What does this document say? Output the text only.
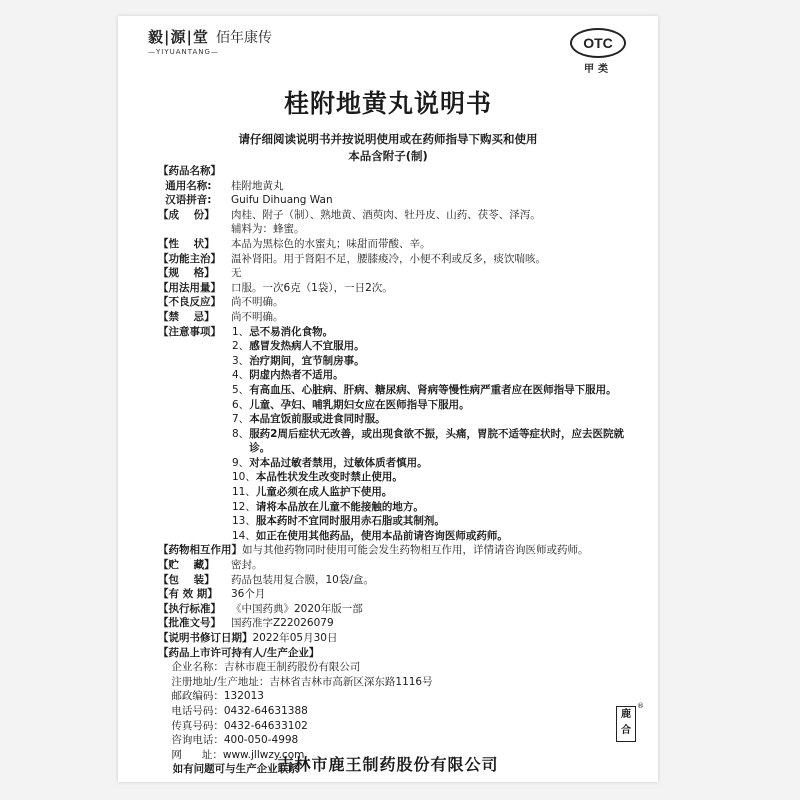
毅|源|堂 佰年康传
—YIYUANTANG—
OTC
甲类
桂附地黄丸说明书
请仔细阅读说明书并按说明使用或在药师指导下购买和使用
本品含附子(制)
【药品名称】
通用名称:	桂附地黄丸
汉语拼音:	Guifu Dihuang Wan
【成    份】	肉桂、附子（制）、熟地黄、酒萸肉、牡丹皮、山药、茯苓、泽泻。
辅料为：蜂蜜。
【性    状】	本品为黑棕色的水蜜丸；味甜而带酸、辛。
【功能主治】 温补肾阳。用于肾阳不足，腰膝痠冷，小便不利或反多，痰饮喘咳。
【规    格】	无
【用法用量】 口服。一次6克（1袋），一日2次。
【不良反应】 尚不明确。
【禁    忌】	尚不明确。
【注意事项】	1、 忌不易消化食物。
2、 感冒发热病人不宜服用。
3、 治疗期间，宜节制房事。
4、 阴虚内热者不适用。
5、 有高血压、心脏病、肝病、糖尿病、肾病等慢性病严重者应在医师指导下服用。
6、 儿童、孕妇、哺乳期妇女应在医师指导下服用。
7、 本品宜饭前服或进食同时服。
8、 服药2周后症状无改善，或出现食欲不振，头痛，胃脘不适等症状时，应去医院就诊。
9、 对本品过敏者禁用，过敏体质者慎用。
10、 本品性状发生改变时禁止使用。
11、 儿童必须在成人监护下使用。
12、 请将本品放在儿童不能接触的地方。
13、 服本药时不宜同时服用赤石脂或其制剂。
14、 如正在使用其他药品，使用本品前请咨询医师或药师。
【药物相互作用】 如与其他药物同时使用可能会发生药物相互作用，详情请咨询医师或药师。
【贮    藏】	密封。
【包    装】	药品包装用复合膜，10袋/盒。
【有 效 期】	36个月
【执行标准】 《中国药典》2020年版一部
【批准文号】 国药准字Z22026079
【说明书修订日期】 2022年05月30日
【药品上市许可持有人/生产企业】
企业名称：吉林市鹿王制药股份有限公司
注册地址/生产地址：吉林省吉林市高新区深东路1116号
邮政编码：132013
电话号码：0432-64631388
传真号码：0432-64633102
咨询电话：400-050-4998
网      址：www.jllwzy.com
如有问题可与生产企业联系
鹿合
®
吉林市鹿王制药股份有限公司
